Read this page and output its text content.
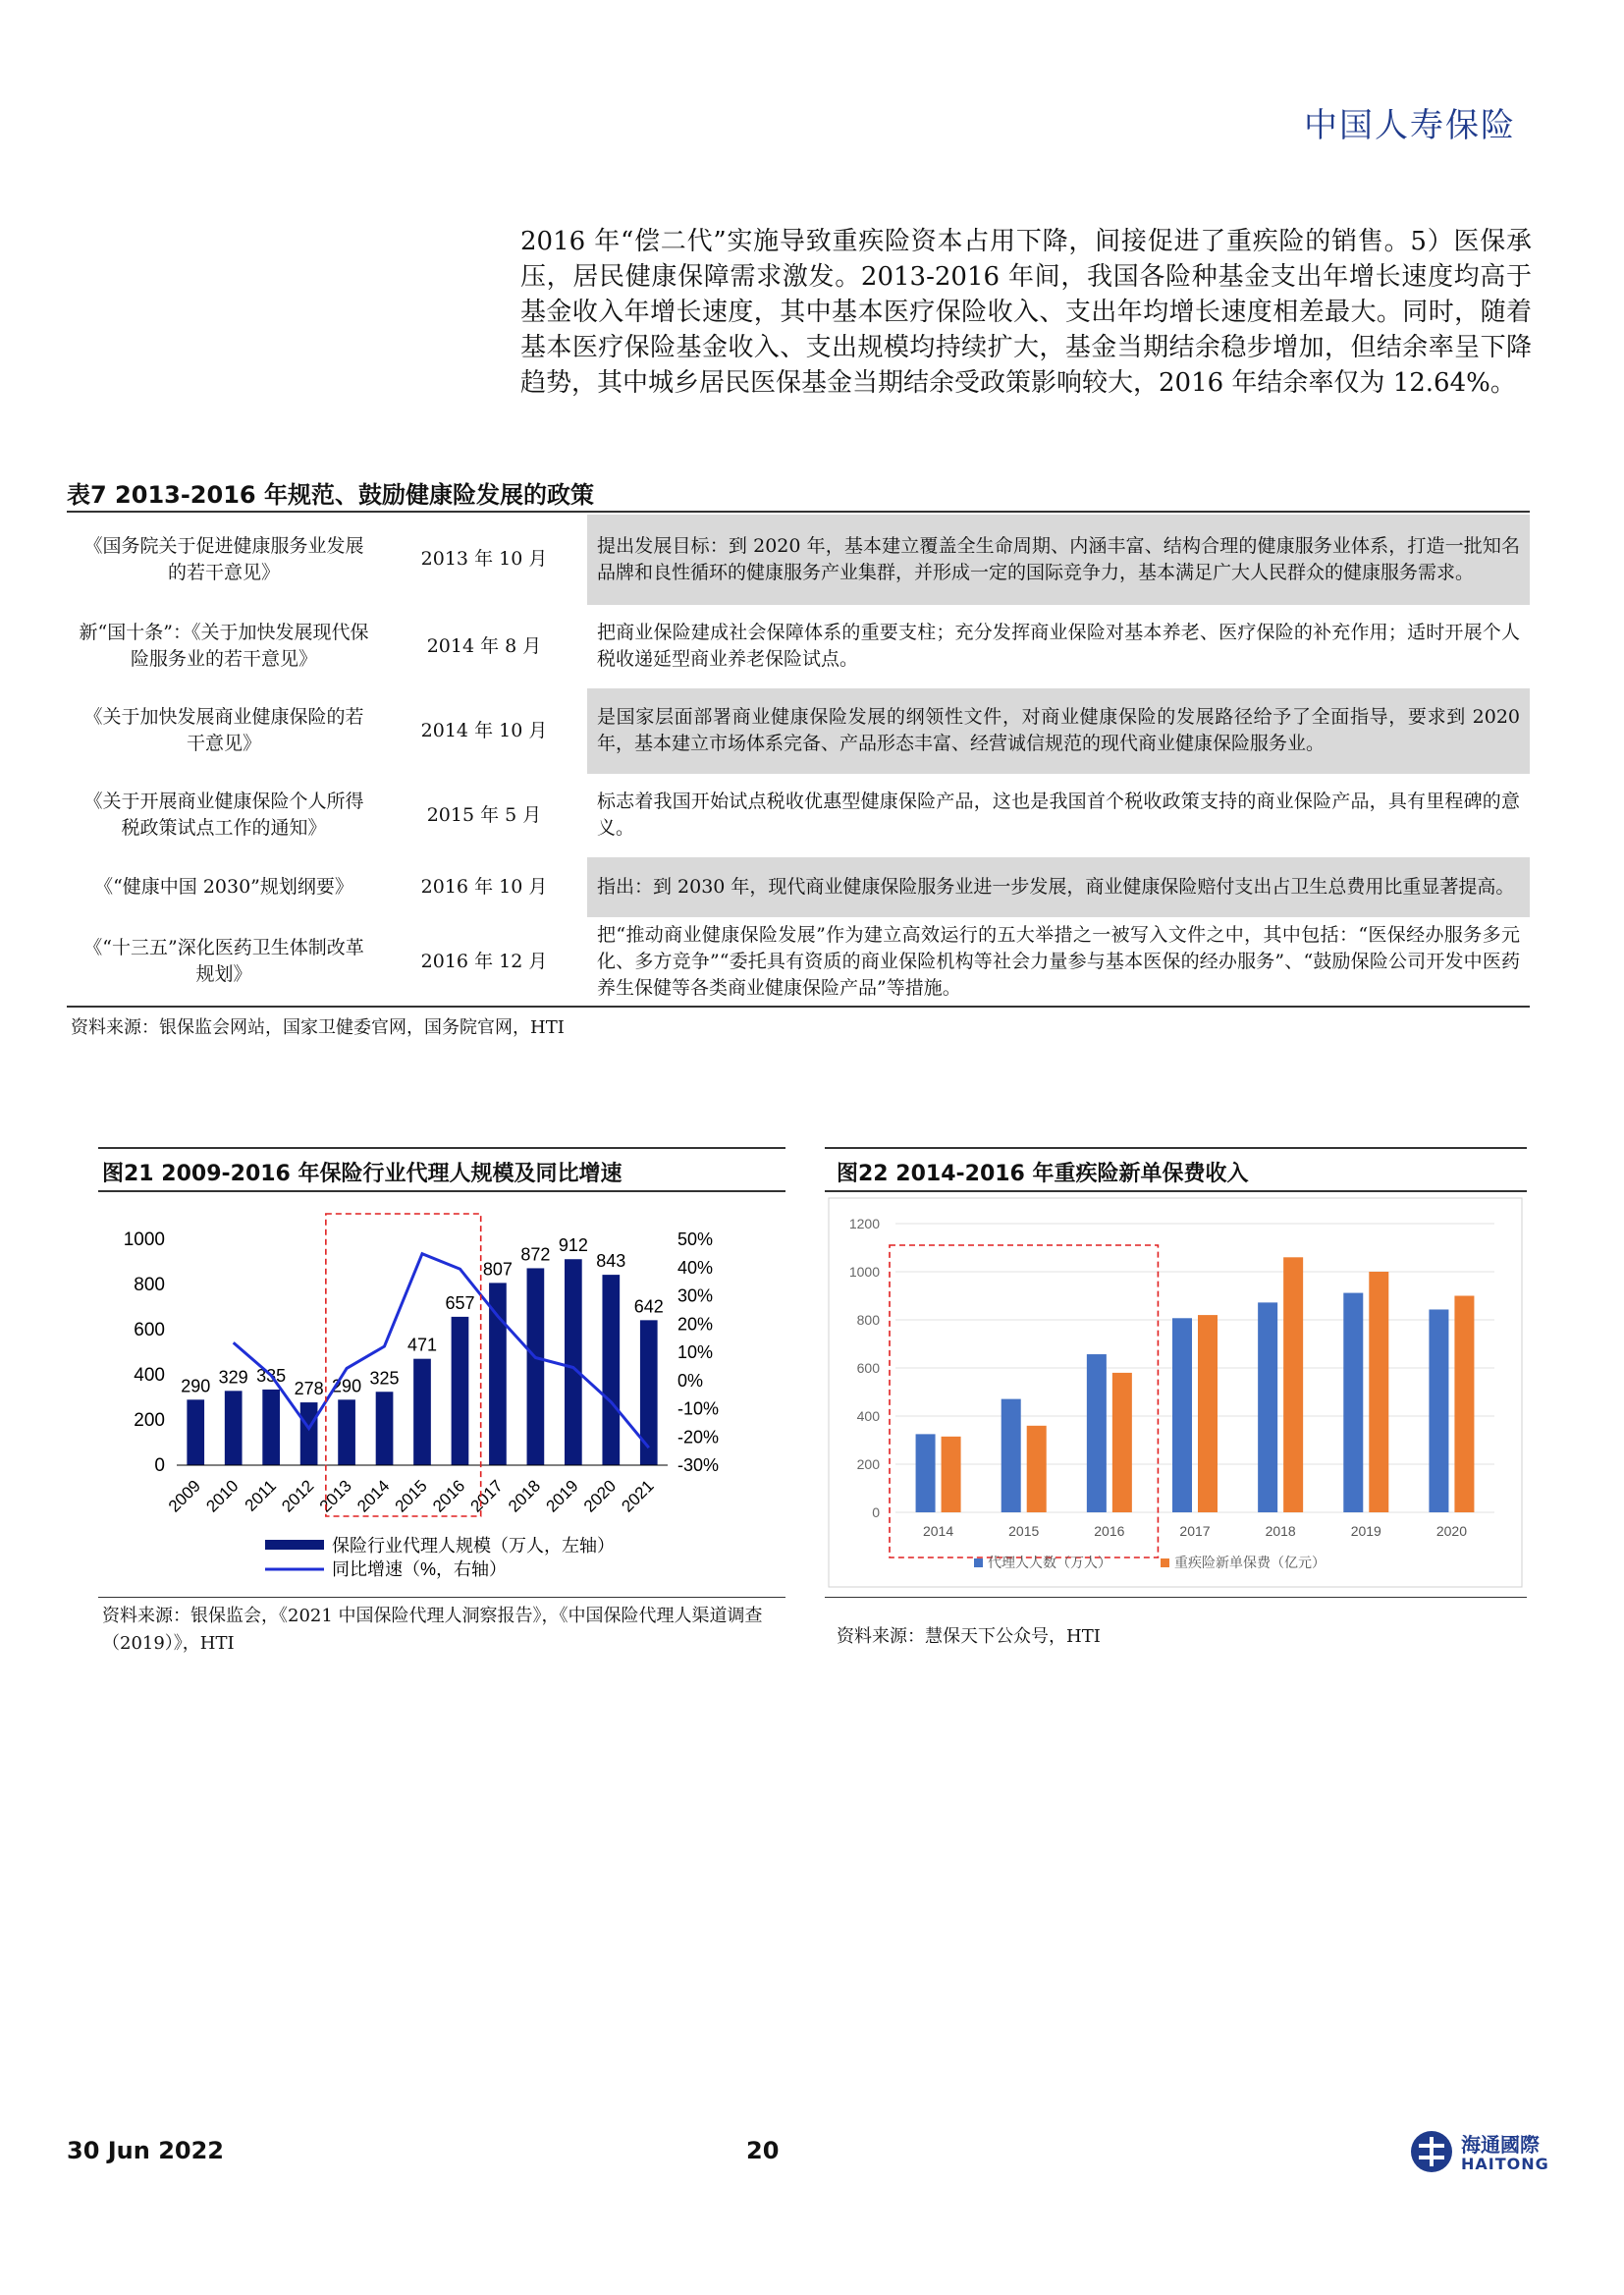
中国人寿保险

2016 年“偿二代”实施导致重疾险资本占用下降，间接促进了重疾险的销售。5）医保承压，居民健康保障需求激发。2013-2016 年间，我国各险种基金支出年增长速度均高于基金收入年增长速度，其中基本医疗保险收入、支出年均增长速度相差最大。同时，随着基本医疗保险基金收入、支出规模均持续扩大，基金当期结余稳步增加，但结余率呈下降趋势，其中城乡居民医保基金当期结余受政策影响较大，2016 年结余率仅为 12.64%。

表7 2013-2016 年规范、鼓励健康险发展的政策
《国务院关于促进健康服务业发展的若干意见》	2013 年 10 月	提出发展目标：到 2020 年，基本建立覆盖全生命周期、内涵丰富、结构合理的健康服务业体系，打造一批知名品牌和良性循环的健康服务产业集群，并形成一定的国际竞争力，基本满足广大人民群众的健康服务需求。
新“国十条”：《关于加快发展现代保险服务业的若干意见》	2014 年 8 月	把商业保险建成社会保障体系的重要支柱；充分发挥商业保险对基本养老、医疗保险的补充作用；适时开展个人税收递延型商业养老保险试点。
《关于加快发展商业健康保险的若干意见》	2014 年 10 月	是国家层面部署商业健康保险发展的纲领性文件，对商业健康保险的发展路径给予了全面指导，要求到 2020 年，基本建立市场体系完备、产品形态丰富、经营诚信规范的现代商业健康保险服务业。
《关于开展商业健康保险个人所得税政策试点工作的通知》	2015 年 5 月	标志着我国开始试点税收优惠型健康保险产品，这也是我国首个税收政策支持的商业保险产品，具有里程碑的意义。
《“健康中国 2030”规划纲要》	2016 年 10 月	指出：到 2030 年，现代商业健康保险服务业进一步发展，商业健康保险赔付支出占卫生总费用比重显著提高。
《“十三五”深化医药卫生体制改革规划》	2016 年 12 月	把“推动商业健康保险发展”作为建立高效运行的五大举措之一被写入文件之中，其中包括：“医保经办服务多元化、多方竞争”“委托具有资质的商业保险机构等社会力量参与基本医保的经办服务”、“鼓励保险公司开发中医药养生保健等各类商业健康保险产品”等措施。
资料来源：银保监会网站，国家卫健委官网，国务院官网，HTI
图21 2009-2016 年保险行业代理人规模及同比增速
1000
800
600
400
200
0
50%
40%
30%
20%
10%
0%
-10%
-20%
-30%
290
2009
329
2010
335
2011
278
2012
290
2013
325
2014
471
2015
657
2016
807
2017
872
2018
912
2019
843
2020
642
2021
保险行业代理人规模（万人，左轴）
同比增速（%，右轴）
资料来源：银保监会，《2021 中国保险代理人洞察报告》，《中国保险代理人渠道调查（2019）》，HTI
图22 2014-2016 年重疾险新单保费收入
1200
1000
800
600
400
200
0
2014	2015	2016	2017	2018	2019	2020
代理人人数（万人）	重疾险新单保费（亿元）
资料来源：慧保天下公众号，HTI
30 Jun 2022	20	海通國際
HAITONG
